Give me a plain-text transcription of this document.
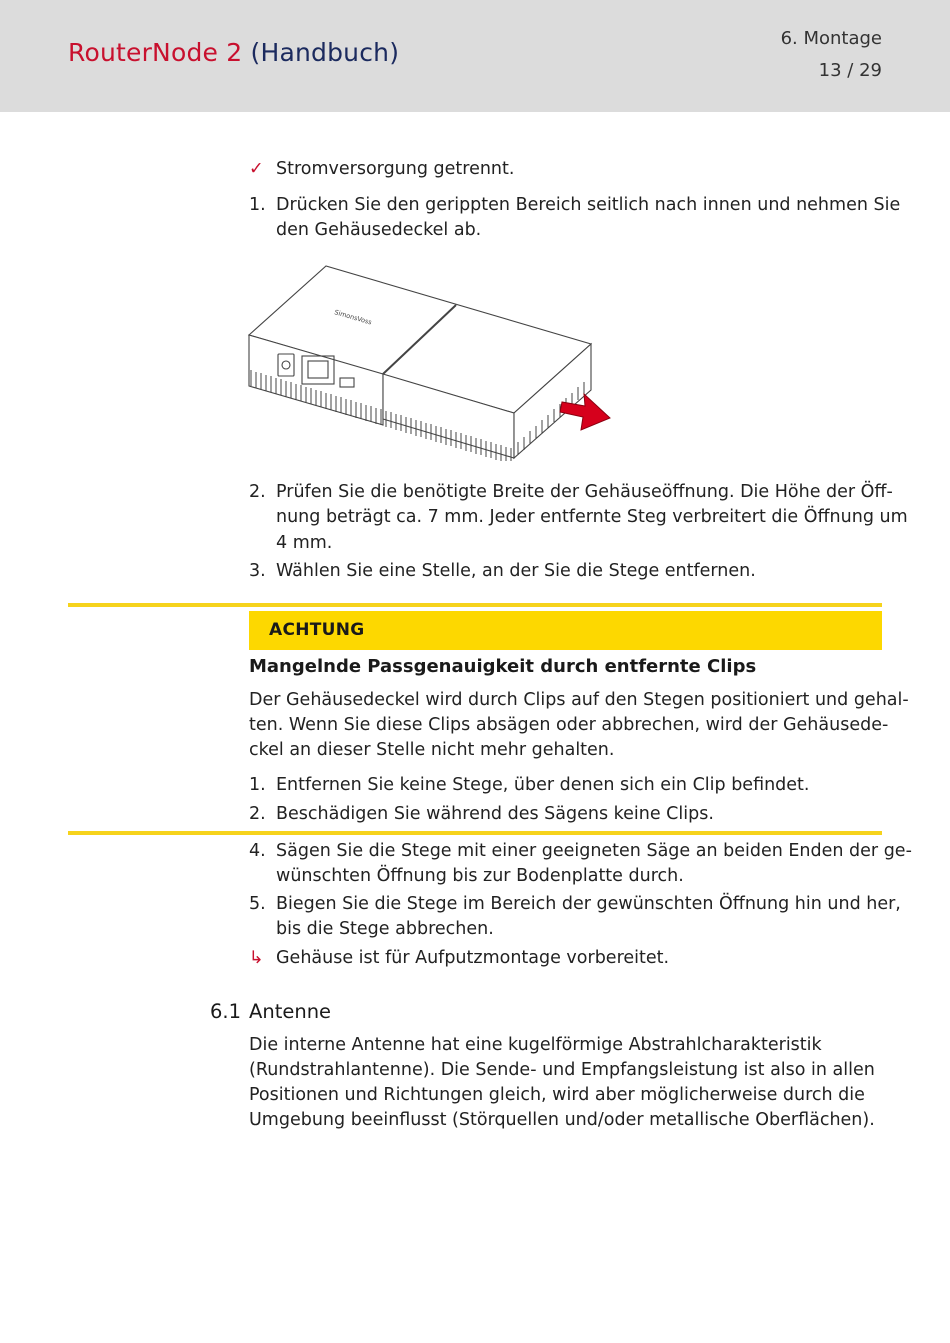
RouterNode 2 (Handbuch)	6. Montage
13 / 29
✓ Stromversorgung getrennt.
1. Drücken Sie den gerippten Bereich seitlich nach innen und nehmen Sie
den Gehäusedeckel ab.
SimonsVoss
2. Prüfen Sie die benötigte Breite der Gehäuseöffnung. Die Höhe der Öff-
nung beträgt ca. 7 mm. Jeder entfernte Steg verbreitert die Öffnung um
4 mm.
3. Wählen Sie eine Stelle, an der Sie die Stege entfernen.
ACHTUNG
Mangelnde Passgenauigkeit durch entfernte Clips
Der Gehäusedeckel wird durch Clips auf den Stegen positioniert und gehal-
ten. Wenn Sie diese Clips absägen oder abbrechen, wird der Gehäusede-
ckel an dieser Stelle nicht mehr gehalten.
1. Entfernen Sie keine Stege, über denen sich ein Clip befindet.
2. Beschädigen Sie während des Sägens keine Clips.
4. Sägen Sie die Stege mit einer geeigneten Säge an beiden Enden der ge-
wünschten Öffnung bis zur Bodenplatte durch.
5. Biegen Sie die Stege im Bereich der gewünschten Öffnung hin und her,
bis die Stege abbrechen.
↳ Gehäuse ist für Aufputzmontage vorbereitet.
6.1 Antenne
Die interne Antenne hat eine kugelförmige Abstrahlcharakteristik
(Rundstrahlantenne). Die Sende- und Empfangsleistung ist also in allen
Positionen und Richtungen gleich, wird aber möglicherweise durch die
Umgebung beeinflusst (Störquellen und/oder metallische Oberflächen).
